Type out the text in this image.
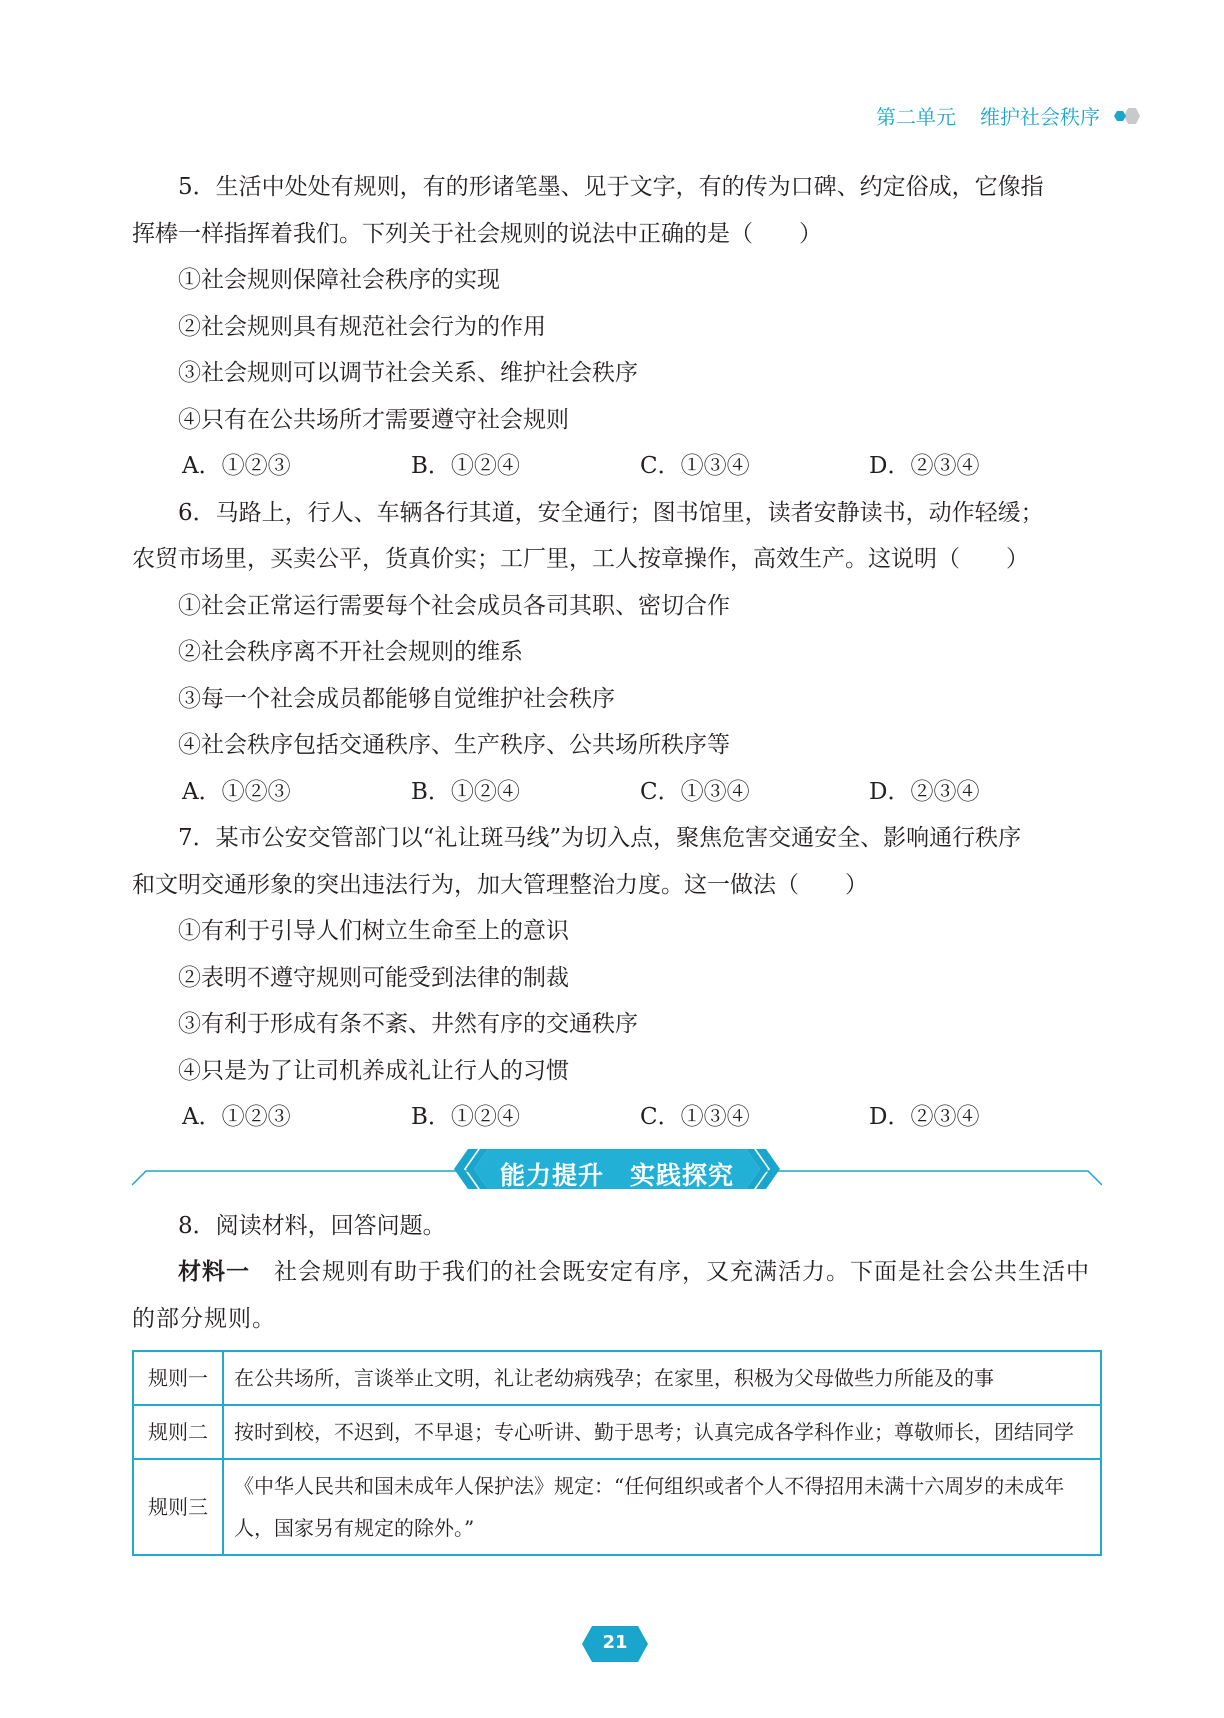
第二单元 维护社会秩序

5．生活中处处有规则，有的形诸笔墨、见于文字，有的传为口碑、约定俗成，它像指

挥棒一样指挥着我们。下列关于社会规则的说法中正确的是（　　）

①社会规则保障社会秩序的实现

②社会规则具有规范社会行为的作用

③社会规则可以调节社会关系、维护社会秩序

④只有在公共场所才需要遵守社会规则

A．①②③	B．①②④	C．①③④	D．②③④

6．马路上，行人、车辆各行其道，安全通行；图书馆里，读者安静读书，动作轻缓；

农贸市场里，买卖公平，货真价实；工厂里，工人按章操作，高效生产。这说明（　　）

①社会正常运行需要每个社会成员各司其职、密切合作

②社会秩序离不开社会规则的维系

③每一个社会成员都能够自觉维护社会秩序

④社会秩序包括交通秩序、生产秩序、公共场所秩序等

A．①②③	B．①②④	C．①③④	D．②③④

7．某市公安交管部门以“礼让斑马线”为切入点，聚焦危害交通安全、影响通行秩序

和文明交通形象的突出违法行为，加大管理整治力度。这一做法（　　）

①有利于引导人们树立生命至上的意识

②表明不遵守规则可能受到法律的制裁

③有利于形成有条不紊、井然有序的交通秩序

④只是为了让司机养成礼让行人的习惯

A．①②③	B．①②④	C．①③④	D．②③④
能力提升　实践探究

8．阅读材料，回答问题。

材料一　社会规则有助于我们的社会既安定有序，又充满活力。下面是社会公共生活中

的部分规则。

规则一	在公共场所，言谈举止文明，礼让老幼病残孕；在家里，积极为父母做些力所能及的事
规则二	按时到校，不迟到，不早退；专心听讲、勤于思考；认真完成各学科作业；尊敬师长，团结同学
规则三	《中华人民共和国未成年人保护法》规定：“任何组织或者个人不得招用未满十六周岁的未成年人，国家另有规定的除外。”
21
